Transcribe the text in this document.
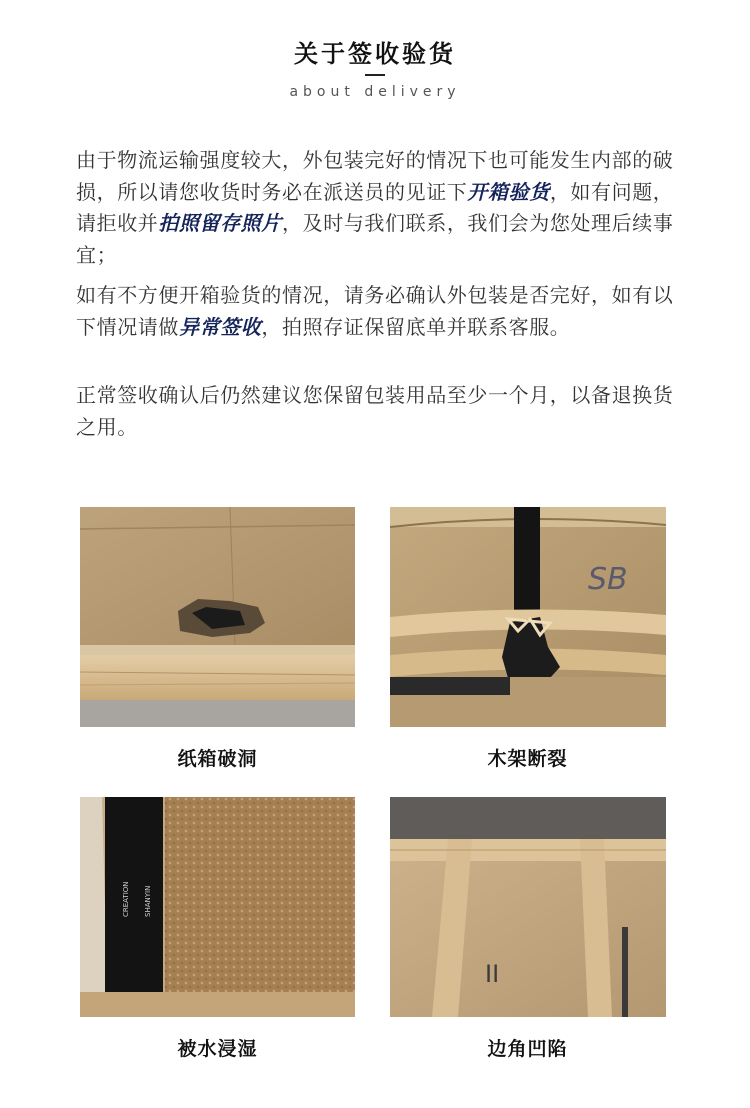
关于签收验货
about delivery

由于物流运输强度较大，外包装完好的情况下也可能发生内部的破损，所以请您收货时务必在派送员的见证下开箱验货，如有问题，请拒收并拍照留存照片，及时与我们联系，我们会为您处理后续事宜；

如有不方便开箱验货的情况，请务必确认外包装是否完好，如有以下情况请做异常签收，拍照存证保留底单并联系客服。

正常签收确认后仍然建议您保留包装用品至少一个月，以备退换货之用。

SB
CREATION SHANYIN
II
纸箱破洞	木架断裂
被水浸湿	边角凹陷
